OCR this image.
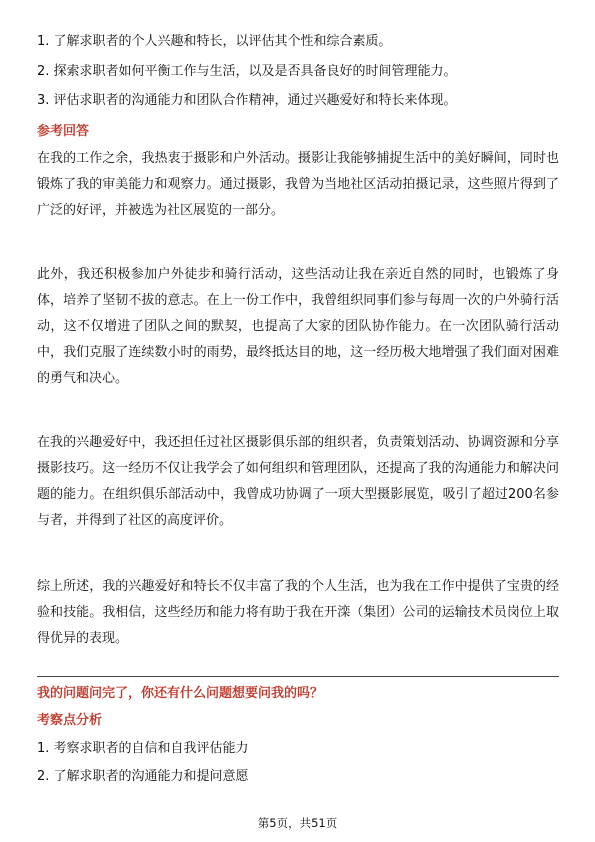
1. 了解求职者的个人兴趣和特长，以评估其个性和综合素质。
2. 探索求职者如何平衡工作与生活，以及是否具备良好的时间管理能力。
3. 评估求职者的沟通能力和团队合作精神，通过兴趣爱好和特长来体现。
参考回答
在我的工作之余，我热衷于摄影和户外活动。摄影让我能够捕捉生活中的美好瞬间，同时也锻炼了我的审美能力和观察力。通过摄影，我曾为当地社区活动拍摄记录，这些照片得到了广泛的好评，并被选为社区展览的一部分。
此外，我还积极参加户外徒步和骑行活动，这些活动让我在亲近自然的同时，也锻炼了身体，培养了坚韧不拔的意志。在上一份工作中，我曾组织同事们参与每周一次的户外骑行活动，这不仅增进了团队之间的默契，也提高了大家的团队协作能力。在一次团队骑行活动中，我们克服了连续数小时的雨势，最终抵达目的地，这一经历极大地增强了我们面对困难的勇气和决心。
在我的兴趣爱好中，我还担任过社区摄影俱乐部的组织者，负责策划活动、协调资源和分享摄影技巧。这一经历不仅让我学会了如何组织和管理团队，还提高了我的沟通能力和解决问题的能力。在组织俱乐部活动中，我曾成功协调了一项大型摄影展览，吸引了超过200名参与者，并得到了社区的高度评价。
综上所述，我的兴趣爱好和特长不仅丰富了我的个人生活，也为我在工作中提供了宝贵的经验和技能。我相信，这些经历和能力将有助于我在开滦（集团）公司的运输技术员岗位上取得优异的表现。
我的问题问完了，你还有什么问题想要问我的吗？
考察点分析
1. 考察求职者的自信和自我评估能力
2. 了解求职者的沟通能力和提问意愿
第5页，共51页
